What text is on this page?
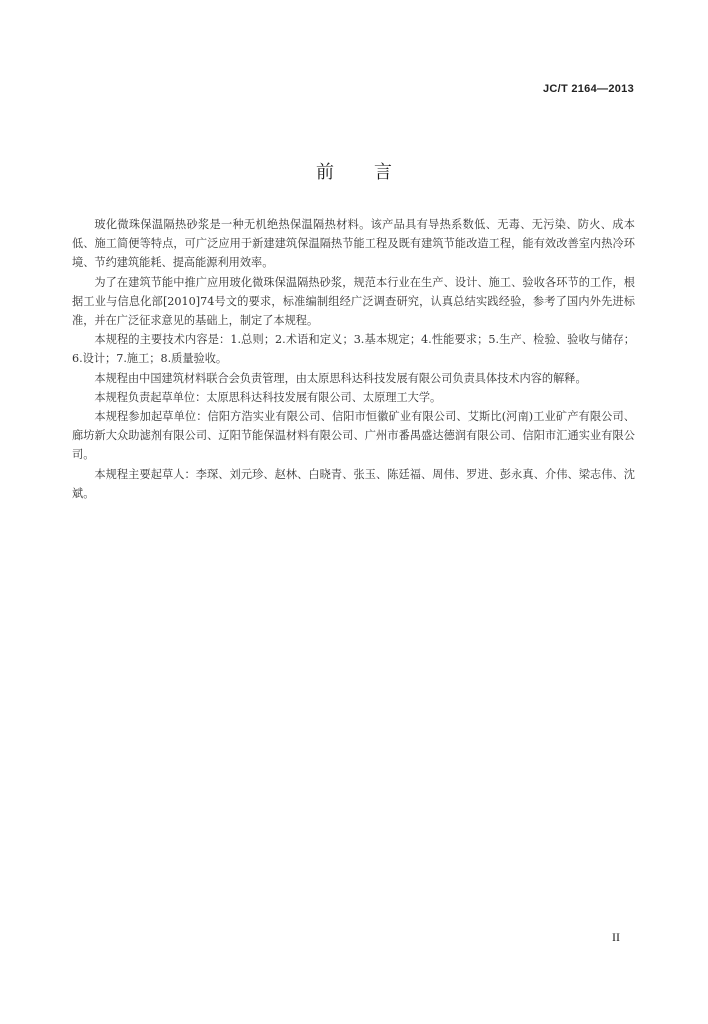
JC/T 2164—2013
前 言

玻化微珠保温隔热砂浆是一种无机绝热保温隔热材料。该产品具有导热系数低、无毒、无污染、防火、成本低、施工简便等特点，可广泛应用于新建建筑保温隔热节能工程及既有建筑节能改造工程，能有效改善室内热冷环境、节约建筑能耗、提高能源利用效率。

为了在建筑节能中推广应用玻化微珠保温隔热砂浆，规范本行业在生产、设计、施工、验收各环节的工作，根据工业与信息化部[2010]74号文的要求，标准编制组经广泛调查研究，认真总结实践经验，参考了国内外先进标准，并在广泛征求意见的基础上，制定了本规程。

本规程的主要技术内容是：1.总则；2.术语和定义；3.基本规定；4.性能要求；5.生产、检验、验收与储存；6.设计；7.施工；8.质量验收。

本规程由中国建筑材料联合会负责管理，由太原思科达科技发展有限公司负责具体技术内容的解释。

本规程负责起草单位：太原思科达科技发展有限公司、太原理工大学。

本规程参加起草单位：信阳方浩实业有限公司、信阳市恒徽矿业有限公司、艾斯比(河南)工业矿产有限公司、廊坊新大众助滤剂有限公司、辽阳节能保温材料有限公司、广州市番禺盛达德润有限公司、信阳市汇通实业有限公司。

本规程主要起草人：李琛、刘元珍、赵林、白晓青、张玉、陈廷福、周伟、罗进、彭永真、介伟、梁志伟、沈斌。

II
